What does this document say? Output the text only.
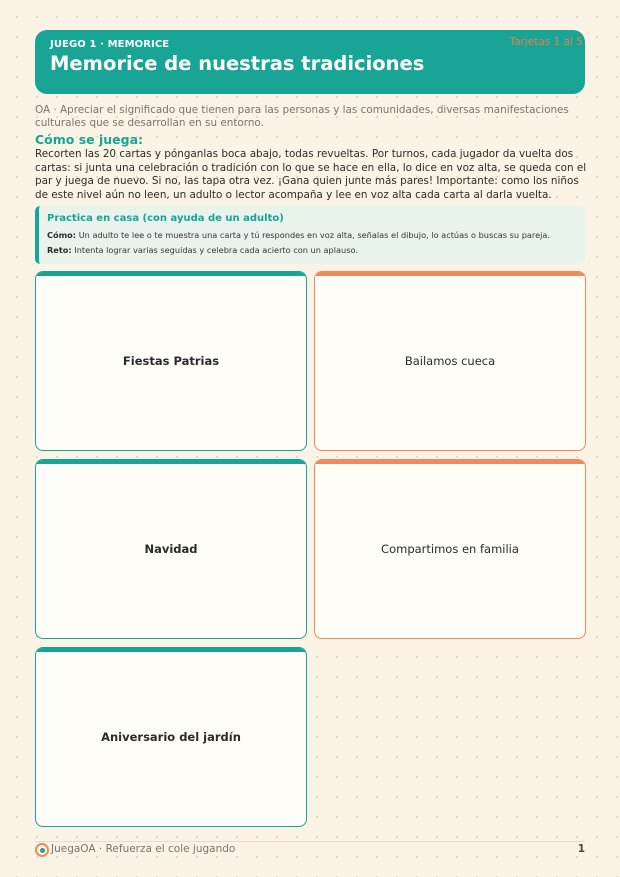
JUEGO 1 · MEMORICE
Memorice de nuestras tradiciones
Tarjetas 1 al 5
OA · Apreciar el significado que tienen para las personas y las comunidades, diversas manifestaciones culturales que se desarrollan en su entorno.
Cómo se juega:
Recorten las 20 cartas y pónganlas boca abajo, todas revueltas. Por turnos, cada jugador da vuelta dos cartas: si junta una celebración o tradición con lo que se hace en ella, lo dice en voz alta, se queda con el par y juega de nuevo. Si no, las tapa otra vez. ¡Gana quien junte más pares! Importante: como los niños de este nivel aún no leen, un adulto o lector acompaña y lee en voz alta cada carta al darla vuelta.
Practica en casa (con ayuda de un adulto)
Cómo: Un adulto te lee o te muestra una carta y tú respondes en voz alta, señalas el dibujo, lo actúas o buscas su pareja.
Reto: Intenta lograr varias seguidas y celebra cada acierto con un aplauso.
Fiestas Patrias	Bailamos cueca
Navidad	Compartimos en familia
Aniversario del jardín
JuegaOA · Refuerza el cole jugando	1
